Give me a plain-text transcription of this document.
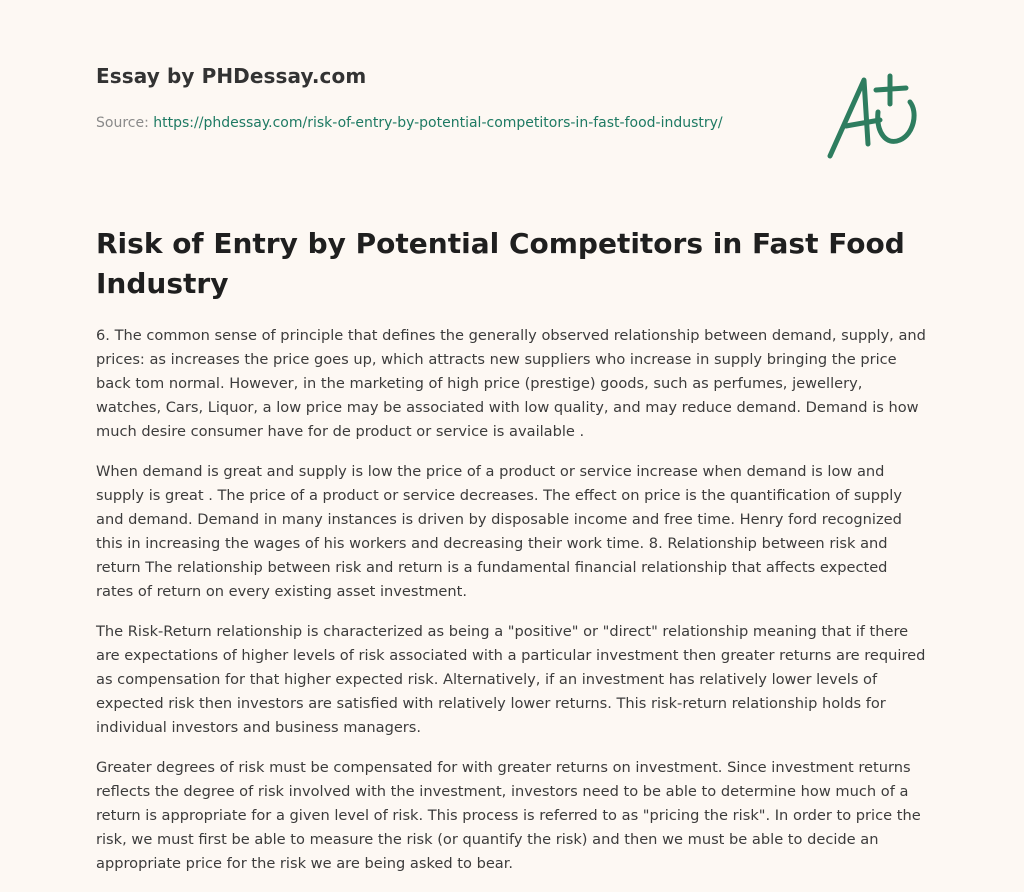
Essay by PHDessay.com
Source: https://phdessay.com/risk-of-entry-by-potential-competitors-in-fast-food-industry/
Risk of Entry by Potential Competitors in Fast Food Industry

6. The common sense of principle that defines the generally observed relationship between demand, supply, and prices: as increases the price goes up, which attracts new suppliers who increase in supply bringing the price back tom normal. However, in the marketing of high price (prestige) goods, such as perfumes, jewellery, watches, Cars, Liquor, a low price may be associated with low quality, and may reduce demand. Demand is how much desire consumer have for de product or service is available .

When demand is great and supply is low the price of a product or service increase when demand is low and supply is great . The price of a product or service decreases. The effect on price is the quantification of supply and demand. Demand in many instances is driven by disposable income and free time. Henry ford recognized this in increasing the wages of his workers and decreasing their work time. 8. Relationship between risk and return The relationship between risk and return is a fundamental financial relationship that affects expected rates of return on every existing asset investment.

The Risk-Return relationship is characterized as being a "positive" or "direct" relationship meaning that if there are expectations of higher levels of risk associated with a particular investment then greater returns are required as compensation for that higher expected risk. Alternatively, if an investment has relatively lower levels of expected risk then investors are satisfied with relatively lower returns. This risk-return relationship holds for individual investors and business managers.

Greater degrees of risk must be compensated for with greater returns on investment. Since investment returns reflects the degree of risk involved with the investment, investors need to be able to determine how much of a return is appropriate for a given level of risk. This process is referred to as "pricing the risk". In order to price the risk, we must first be able to measure the risk (or quantify the risk) and then we must be able to decide an appropriate price for the risk we are being asked to bear.
